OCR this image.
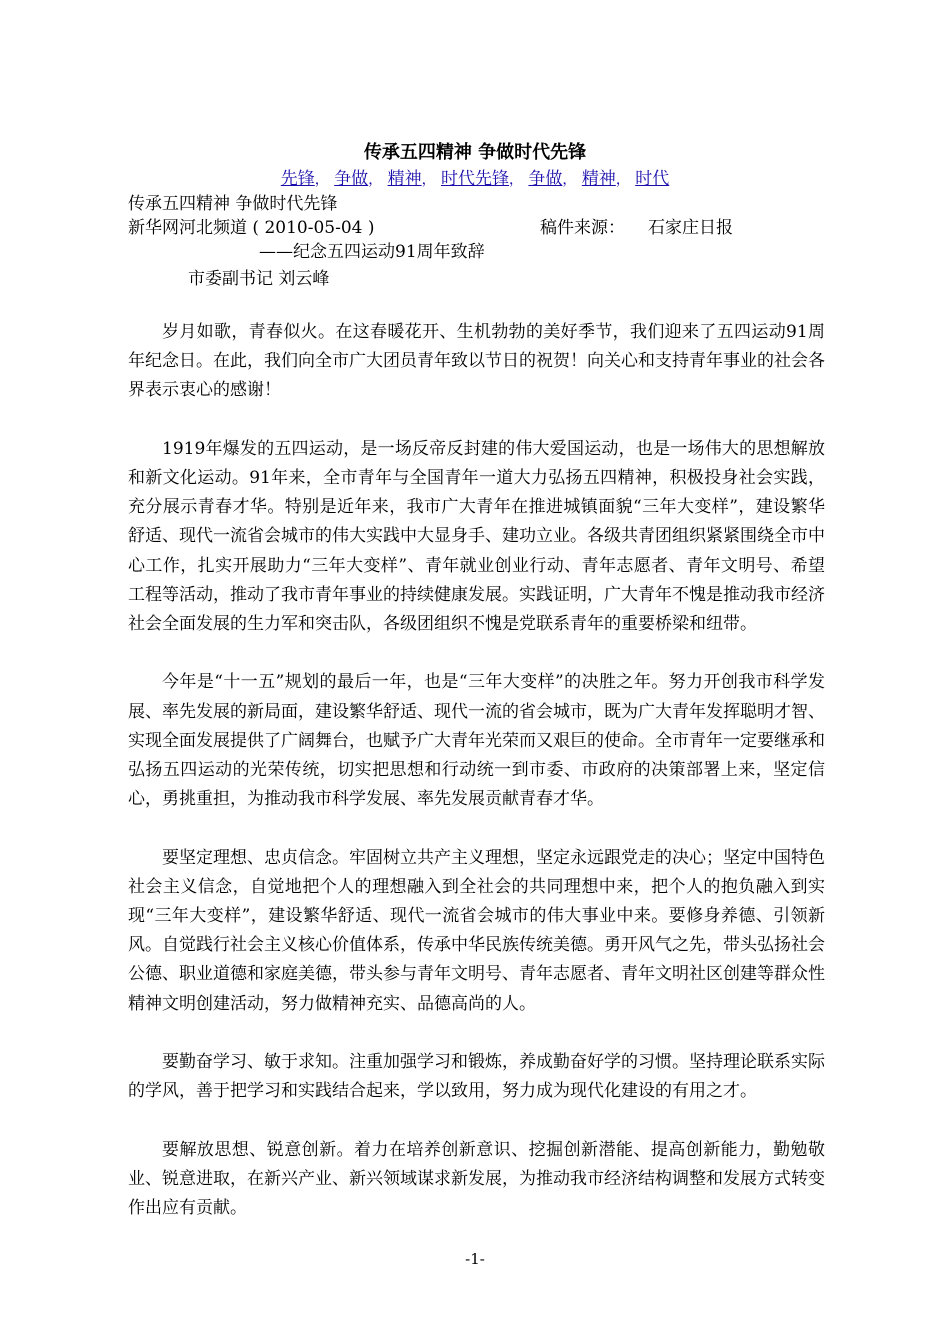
传承五四精神 争做时代先锋
先锋， 争做， 精神， 时代先锋， 争做， 精神， 时代
传承五四精神 争做时代先锋
新华网河北频道 ( 2010-05-04 )	稿件来源： 石家庄日报
——纪念五四运动91周年致辞
市委副书记 刘云峰

岁月如歌，青春似火。在这春暖花开、生机勃勃的美好季节，我们迎来了五四运动91周年纪念日。在此，我们向全市广大团员青年致以节日的祝贺！向关心和支持青年事业的社会各界表示衷心的感谢！

1919年爆发的五四运动，是一场反帝反封建的伟大爱国运动，也是一场伟大的思想解放和新文化运动。91年来，全市青年与全国青年一道大力弘扬五四精神，积极投身社会实践，充分展示青春才华。特别是近年来，我市广大青年在推进城镇面貌“三年大变样”，建设繁华舒适、现代一流省会城市的伟大实践中大显身手、建功立业。各级共青团组织紧紧围绕全市中心工作，扎实开展助力“三年大变样”、青年就业创业行动、青年志愿者、青年文明号、希望工程等活动，推动了我市青年事业的持续健康发展。实践证明，广大青年不愧是推动我市经济社会全面发展的生力军和突击队，各级团组织不愧是党联系青年的重要桥梁和纽带。

今年是“十一五”规划的最后一年，也是“三年大变样”的决胜之年。努力开创我市科学发展、率先发展的新局面，建设繁华舒适、现代一流的省会城市，既为广大青年发挥聪明才智、实现全面发展提供了广阔舞台，也赋予广大青年光荣而又艰巨的使命。全市青年一定要继承和弘扬五四运动的光荣传统，切实把思想和行动统一到市委、市政府的决策部署上来，坚定信心，勇挑重担，为推动我市科学发展、率先发展贡献青春才华。

要坚定理想、忠贞信念。牢固树立共产主义理想，坚定永远跟党走的决心；坚定中国特色社会主义信念，自觉地把个人的理想融入到全社会的共同理想中来，把个人的抱负融入到实现“三年大变样”，建设繁华舒适、现代一流省会城市的伟大事业中来。要修身养德、引领新风。自觉践行社会主义核心价值体系，传承中华民族传统美德。勇开风气之先，带头弘扬社会公德、职业道德和家庭美德，带头参与青年文明号、青年志愿者、青年文明社区创建等群众性精神文明创建活动，努力做精神充实、品德高尚的人。

要勤奋学习、敏于求知。注重加强学习和锻炼，养成勤奋好学的习惯。坚持理论联系实际的学风，善于把学习和实践结合起来，学以致用，努力成为现代化建设的有用之才。

要解放思想、锐意创新。着力在培养创新意识、挖掘创新潜能、提高创新能力，勤勉敬业、锐意进取，在新兴产业、新兴领域谋求新发展，为推动我市经济结构调整和发展方式转变作出应有贡献。

-1-
